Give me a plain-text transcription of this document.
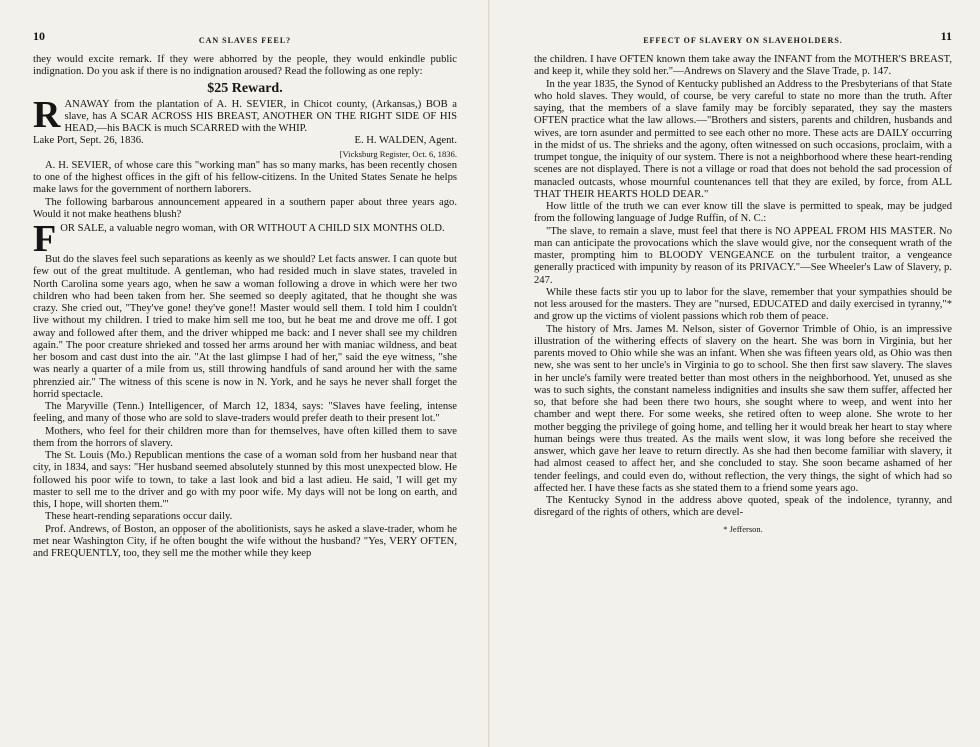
10	CAN SLAVES FEEL?

they would excite remark. If they were abhorred by the people, they would enkindle public indignation. Do you ask if there is no indignation aroused? Read the following as one reply:

$25 Reward.
R ANAWAY from the plantation of A. H. SEVIER, in Chicot county, (Arkansas,) BOB a slave, has A SCAR ACROSS HIS BREAST, ANOTHER ON THE RIGHT SIDE OF HIS HEAD,—his BACK is much SCARRED with the WHIP.
Lake Port, Sept. 26, 1836.	E. H. WALDEN, Agent.
[Vicksburg Register, Oct. 6, 1836.

A. H. SEVIER, of whose care this "working man" has so many marks, has been recently chosen to one of the highest offices in the gift of his fellow-citizens. In the United States Senate he helps make laws for the government of northern laborers.

The following barbarous announcement appeared in a southern paper about three years ago. Would it not make heathens blush?

F OR SALE, a valuable negro woman, with OR WITHOUT A CHILD SIX MONTHS OLD.

But do the slaves feel such separations as keenly as we should? Let facts answer. I can quote but few out of the great multitude. A gentleman, who had resided much in slave states, traveled in North Carolina some years ago, when he saw a woman following a drove in which were her two children who had been taken from her. She seemed so deeply agitated, that he thought she was crazy. She cried out, "They've gone! they've gone!! Master would sell them. I told him I couldn't live without my children. I tried to make him sell me too, but he beat me and drove me off. I got away and followed after them, and the driver whipped me back: and I never shall see my children again." The poor creature shrieked and tossed her arms around her with maniac wildness, and beat her bosom and cast dust into the air. "At the last glimpse I had of her," said the eye witness, "she was nearly a quarter of a mile from us, still throwing handfuls of sand around her with the same phrenzied air." The witness of this scene is now in N. York, and he says he never shall forget the horrid spectacle.

The Maryville (Tenn.) Intelligencer, of March 12, 1834, says: "Slaves have feeling, intense feeling, and many of those who are sold to slave-traders would prefer death to their present lot."

Mothers, who feel for their children more than for themselves, have often killed them to save them from the horrors of slavery.

The St. Louis (Mo.) Republican mentions the case of a woman sold from her husband near that city, in 1834, and says: "Her husband seemed absolutely stunned by this most unexpected blow. He followed his poor wife to town, to take a last look and bid a last adieu. He said, 'I will get my master to sell me to the driver and go with my poor wife. My days will not be long on earth, and this, I hope, will shorten them.'"

These heart-rending separations occur daily.

Prof. Andrews, of Boston, an opposer of the abolitionists, says he asked a slave-trader, whom he met near Washington City, if he often bought the wife without the husband? "Yes, VERY OFTEN, and FREQUENTLY, too, they sell me the mother while they keep

EFFECT OF SLAVERY ON SLAVEHOLDERS.	11

the children. I have OFTEN known them take away the INFANT from the MOTHER'S BREAST, and keep it, while they sold her."—Andrews on Slavery and the Slave Trade, p. 147.

In the year 1835, the Synod of Kentucky published an Address to the Presbyterians of that State who hold slaves. They would, of course, be very careful to state no more than the truth. After saying, that the members of a slave family may be forcibly separated, they say the masters OFTEN practice what the law allows.—"Brothers and sisters, parents and children, husbands and wives, are torn asunder and permitted to see each other no more. These acts are DAILY occurring in the midst of us. The shrieks and the agony, often witnessed on such occasions, proclaim, with a trumpet tongue, the iniquity of our system. There is not a neighborhood where these heart-rending scenes are not displayed. There is not a village or road that does not behold the sad procession of manacled outcasts, whose mournful countenances tell that they are exiled, by force, from ALL THAT THEIR HEARTS HOLD DEAR."

How little of the truth we can ever know till the slave is permitted to speak, may be judged from the following language of Judge Ruffin, of N. C.:

"The slave, to remain a slave, must feel that there is NO APPEAL FROM HIS MASTER. No man can anticipate the provocations which the slave would give, nor the consequent wrath of the master, prompting him to BLOODY VENGEANCE on the turbulent traitor, a vengeance generally practiced with impunity by reason of its PRIVACY."—See Wheeler's Law of Slavery, p. 247.

While these facts stir you up to labor for the slave, remember that your sympathies should be not less aroused for the masters. They are "nursed, EDUCATED and daily exercised in tyranny,"* and grow up the victims of violent passions which rob them of peace.

The history of Mrs. James M. Nelson, sister of Governor Trimble of Ohio, is an impressive illustration of the withering effects of slavery on the heart. She was born in Virginia, but her parents moved to Ohio while she was an infant. When she was fifteen years old, as Ohio was then new, she was sent to her uncle's in Virginia to go to school. She then first saw slavery. The slaves in her uncle's family were treated better than most others in the neighborhood. Yet, unused as she was to such sights, the constant nameless indignities and insults she saw them suffer, affected her so, that before she had been there two hours, she sought where to weep, and went into her chamber and wept there. For some weeks, she retired often to weep alone. She wrote to her mother begging the privilege of going home, and telling her it would break her heart to stay where human beings were thus treated. As the mails went slow, it was long before she received the answer, which gave her leave to return directly. As she had then become familiar with slavery, it had almost ceased to affect her, and she concluded to stay. She soon became ashamed of her tender feelings, and could even do, without reflection, the very things, the sight of which had so affected her. I have these facts as she stated them to a friend some years ago.

The Kentucky Synod in the address above quoted, speak of the indolence, tyranny, and disregard of the rights of others, which are devel-

* Jefferson.
